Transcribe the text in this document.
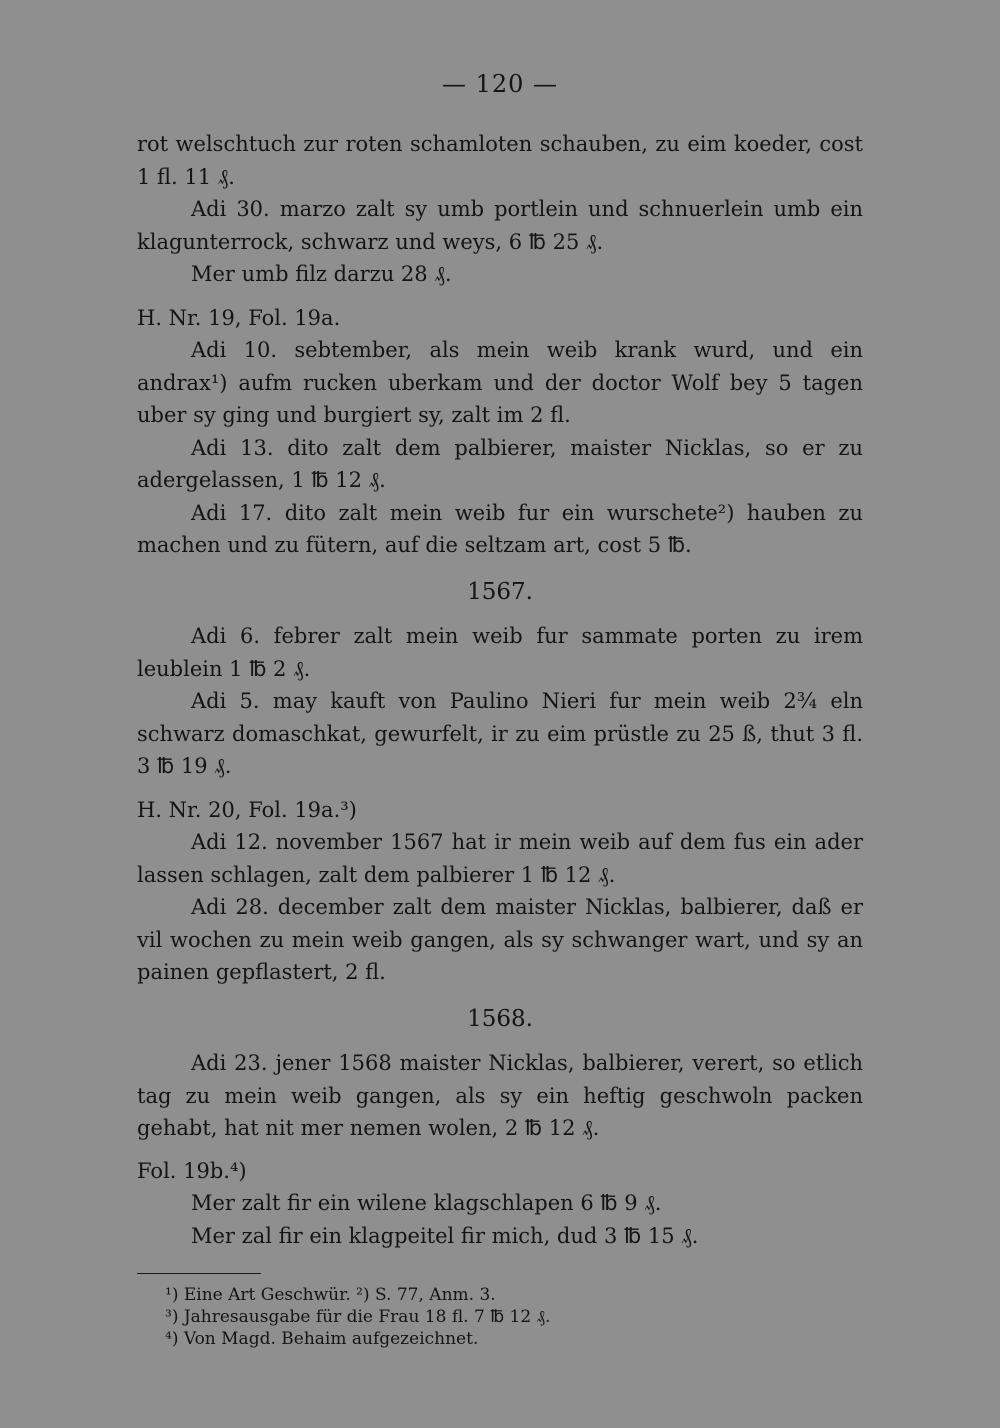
— 120 —

rot welschtuch zur roten schamloten schauben, zu eim koeder, cost 1 fl. 11 ₰.

Adi 30. marzo zalt sy umb portlein und schnuerlein umb ein klagunterrock, schwarz und weys, 6 ℔ 25 ₰.

Mer umb filz darzu 28 ₰.

H. Nr. 19, Fol. 19a.

Adi 10. sebtember, als mein weib krank wurd, und ein andrax¹) aufm rucken uberkam und der doctor Wolf bey 5 tagen uber sy ging und burgiert sy, zalt im 2 fl.

Adi 13. dito zalt dem palbierer, maister Nicklas, so er zu adergelassen, 1 ℔ 12 ₰.

Adi 17. dito zalt mein weib fur ein wurschete²) hauben zu machen und zu fütern, auf die seltzam art, cost 5 ℔.

1567.

Adi 6. febrer zalt mein weib fur sammate porten zu irem leublein 1 ℔ 2 ₰.

Adi 5. may kauft von Paulino Nieri fur mein weib 2¾ eln schwarz domaschkat, gewurfelt, ir zu eim prüstle zu 25 ß, thut 3 fl. 3 ℔ 19 ₰.

H. Nr. 20, Fol. 19a.³)

Adi 12. november 1567 hat ir mein weib auf dem fus ein ader lassen schlagen, zalt dem palbierer 1 ℔ 12 ₰.

Adi 28. december zalt dem maister Nicklas, balbierer, daß er vil wochen zu mein weib gangen, als sy schwanger wart, und sy an painen gepflastert, 2 fl.

1568.

Adi 23. jener 1568 maister Nicklas, balbierer, verert, so etlich tag zu mein weib gangen, als sy ein heftig geschwoln packen gehabt, hat nit mer nemen wolen, 2 ℔ 12 ₰.

Fol. 19b.⁴)

Mer zalt fir ein wilene klagschlapen 6 ℔ 9 ₰.

Mer zal fir ein klagpeitel fir mich, dud 3 ℔ 15 ₰.

¹) Eine Art Geschwür. ²) S. 77, Anm. 3.

³) Jahresausgabe für die Frau 18 fl. 7 ℔ 12 ₰.

⁴) Von Magd. Behaim aufgezeichnet.
